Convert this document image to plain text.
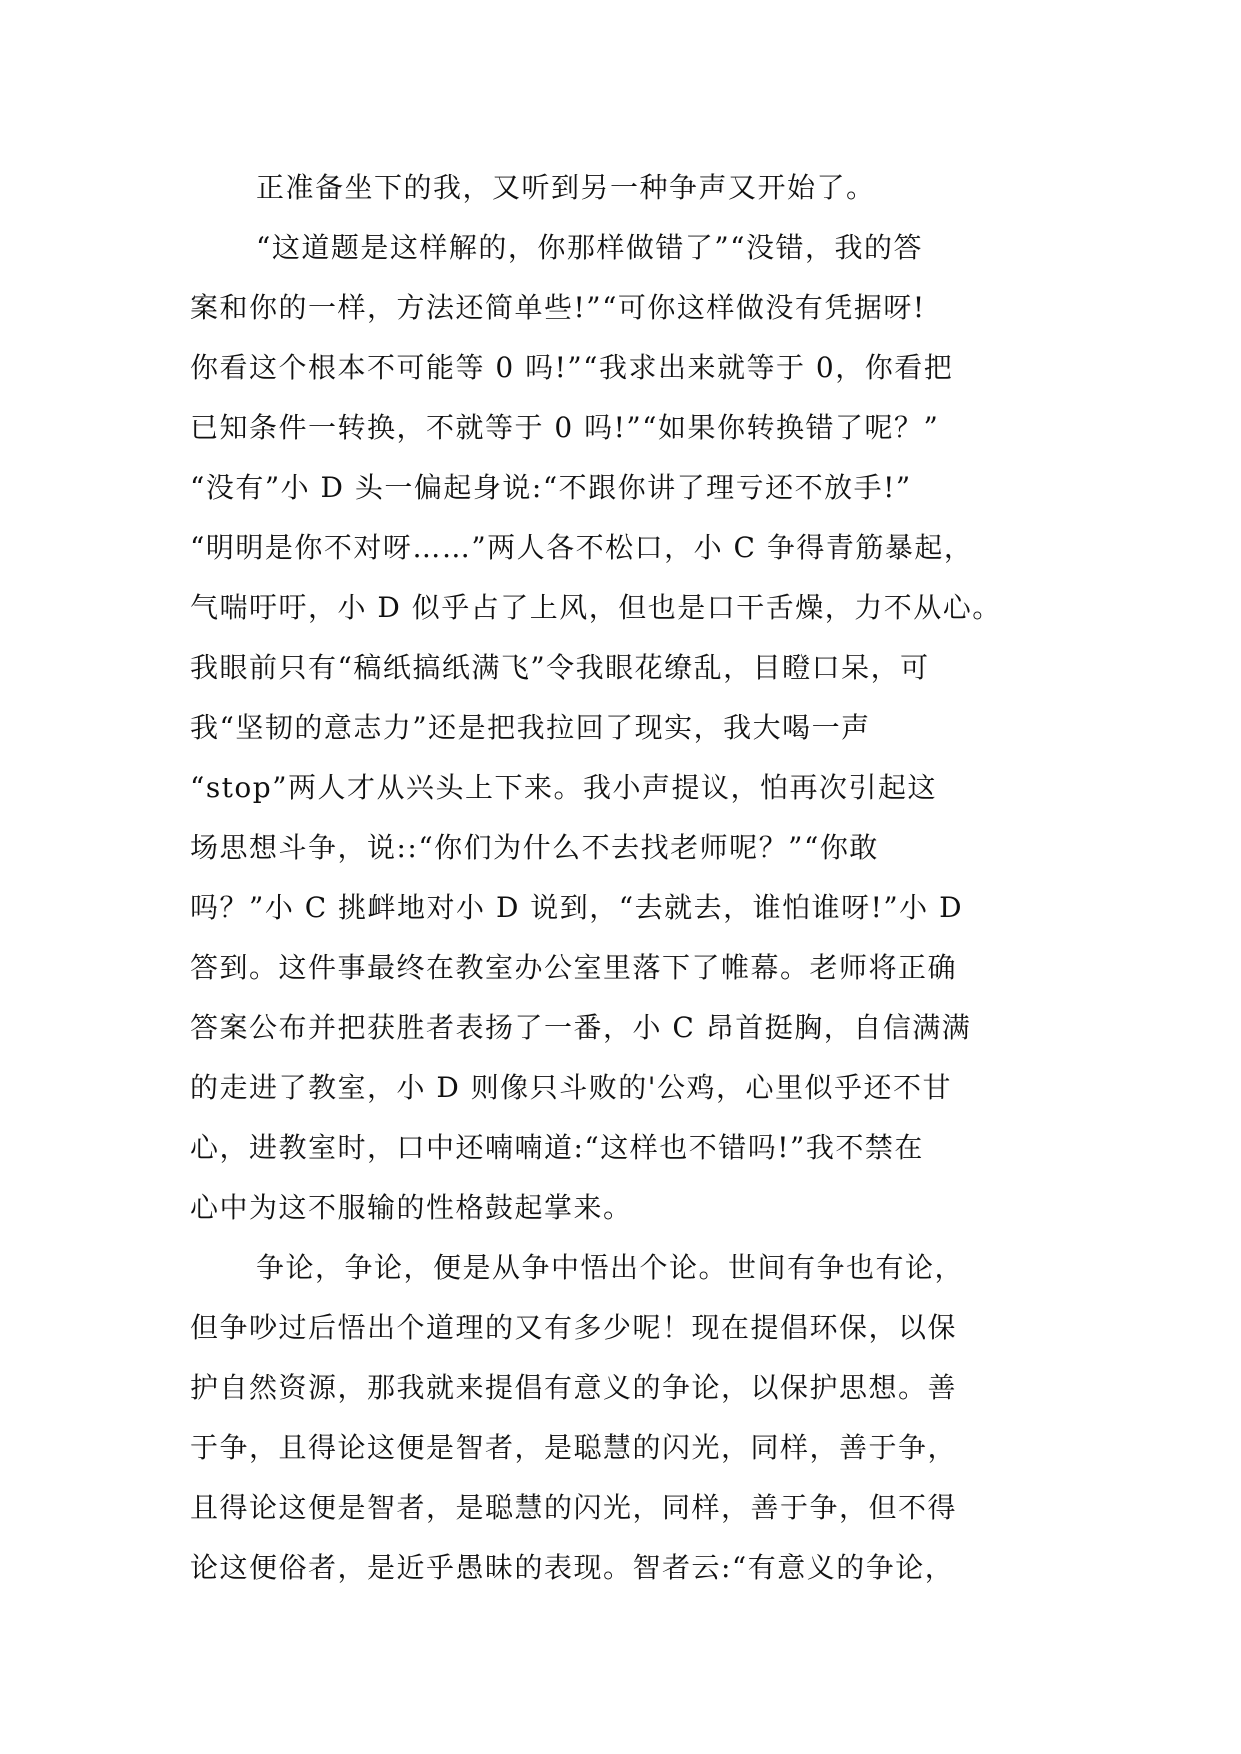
正准备坐下的我，又听到另一种争声又开始了。
“这道题是这样解的，你那样做错了”“没错，我的答
案和你的一样，方法还简单些!”“可你这样做没有凭据呀!
你看这个根本不可能等 0 吗!”“我求出来就等于 0，你看把
已知条件一转换，不就等于 0 吗!”“如果你转换错了呢？”
“没有”小 D 头一偏起身说:“不跟你讲了理亏还不放手!”
“明明是你不对呀……”两人各不松口，小 C 争得青筋暴起，
气喘吁吁，小 D 似乎占了上风，但也是口干舌燥，力不从心。
我眼前只有“稿纸搞纸满飞”令我眼花缭乱，目瞪口呆，可
我“坚韧的意志力”还是把我拉回了现实，我大喝一声
“stop”两人才从兴头上下来。我小声提议，怕再次引起这
场思想斗争，说::“你们为什么不去找老师呢？”“你敢
吗？”小 C 挑衅地对小 D 说到，“去就去，谁怕谁呀!”小 D
答到。这件事最终在教室办公室里落下了帷幕。老师将正确
答案公布并把获胜者表扬了一番，小 C 昂首挺胸，自信满满
的走进了教室，小 D 则像只斗败的'公鸡，心里似乎还不甘
心，进教室时，口中还喃喃道:“这样也不错吗!”我不禁在
心中为这不服输的性格鼓起掌来。
争论，争论，便是从争中悟出个论。世间有争也有论，
但争吵过后悟出个道理的又有多少呢！现在提倡环保，以保
护自然资源，那我就来提倡有意义的争论，以保护思想。善
于争，且得论这便是智者，是聪慧的闪光，同样，善于争，
且得论这便是智者，是聪慧的闪光，同样，善于争，但不得
论这便俗者，是近乎愚昧的表现。智者云:“有意义的争论，
